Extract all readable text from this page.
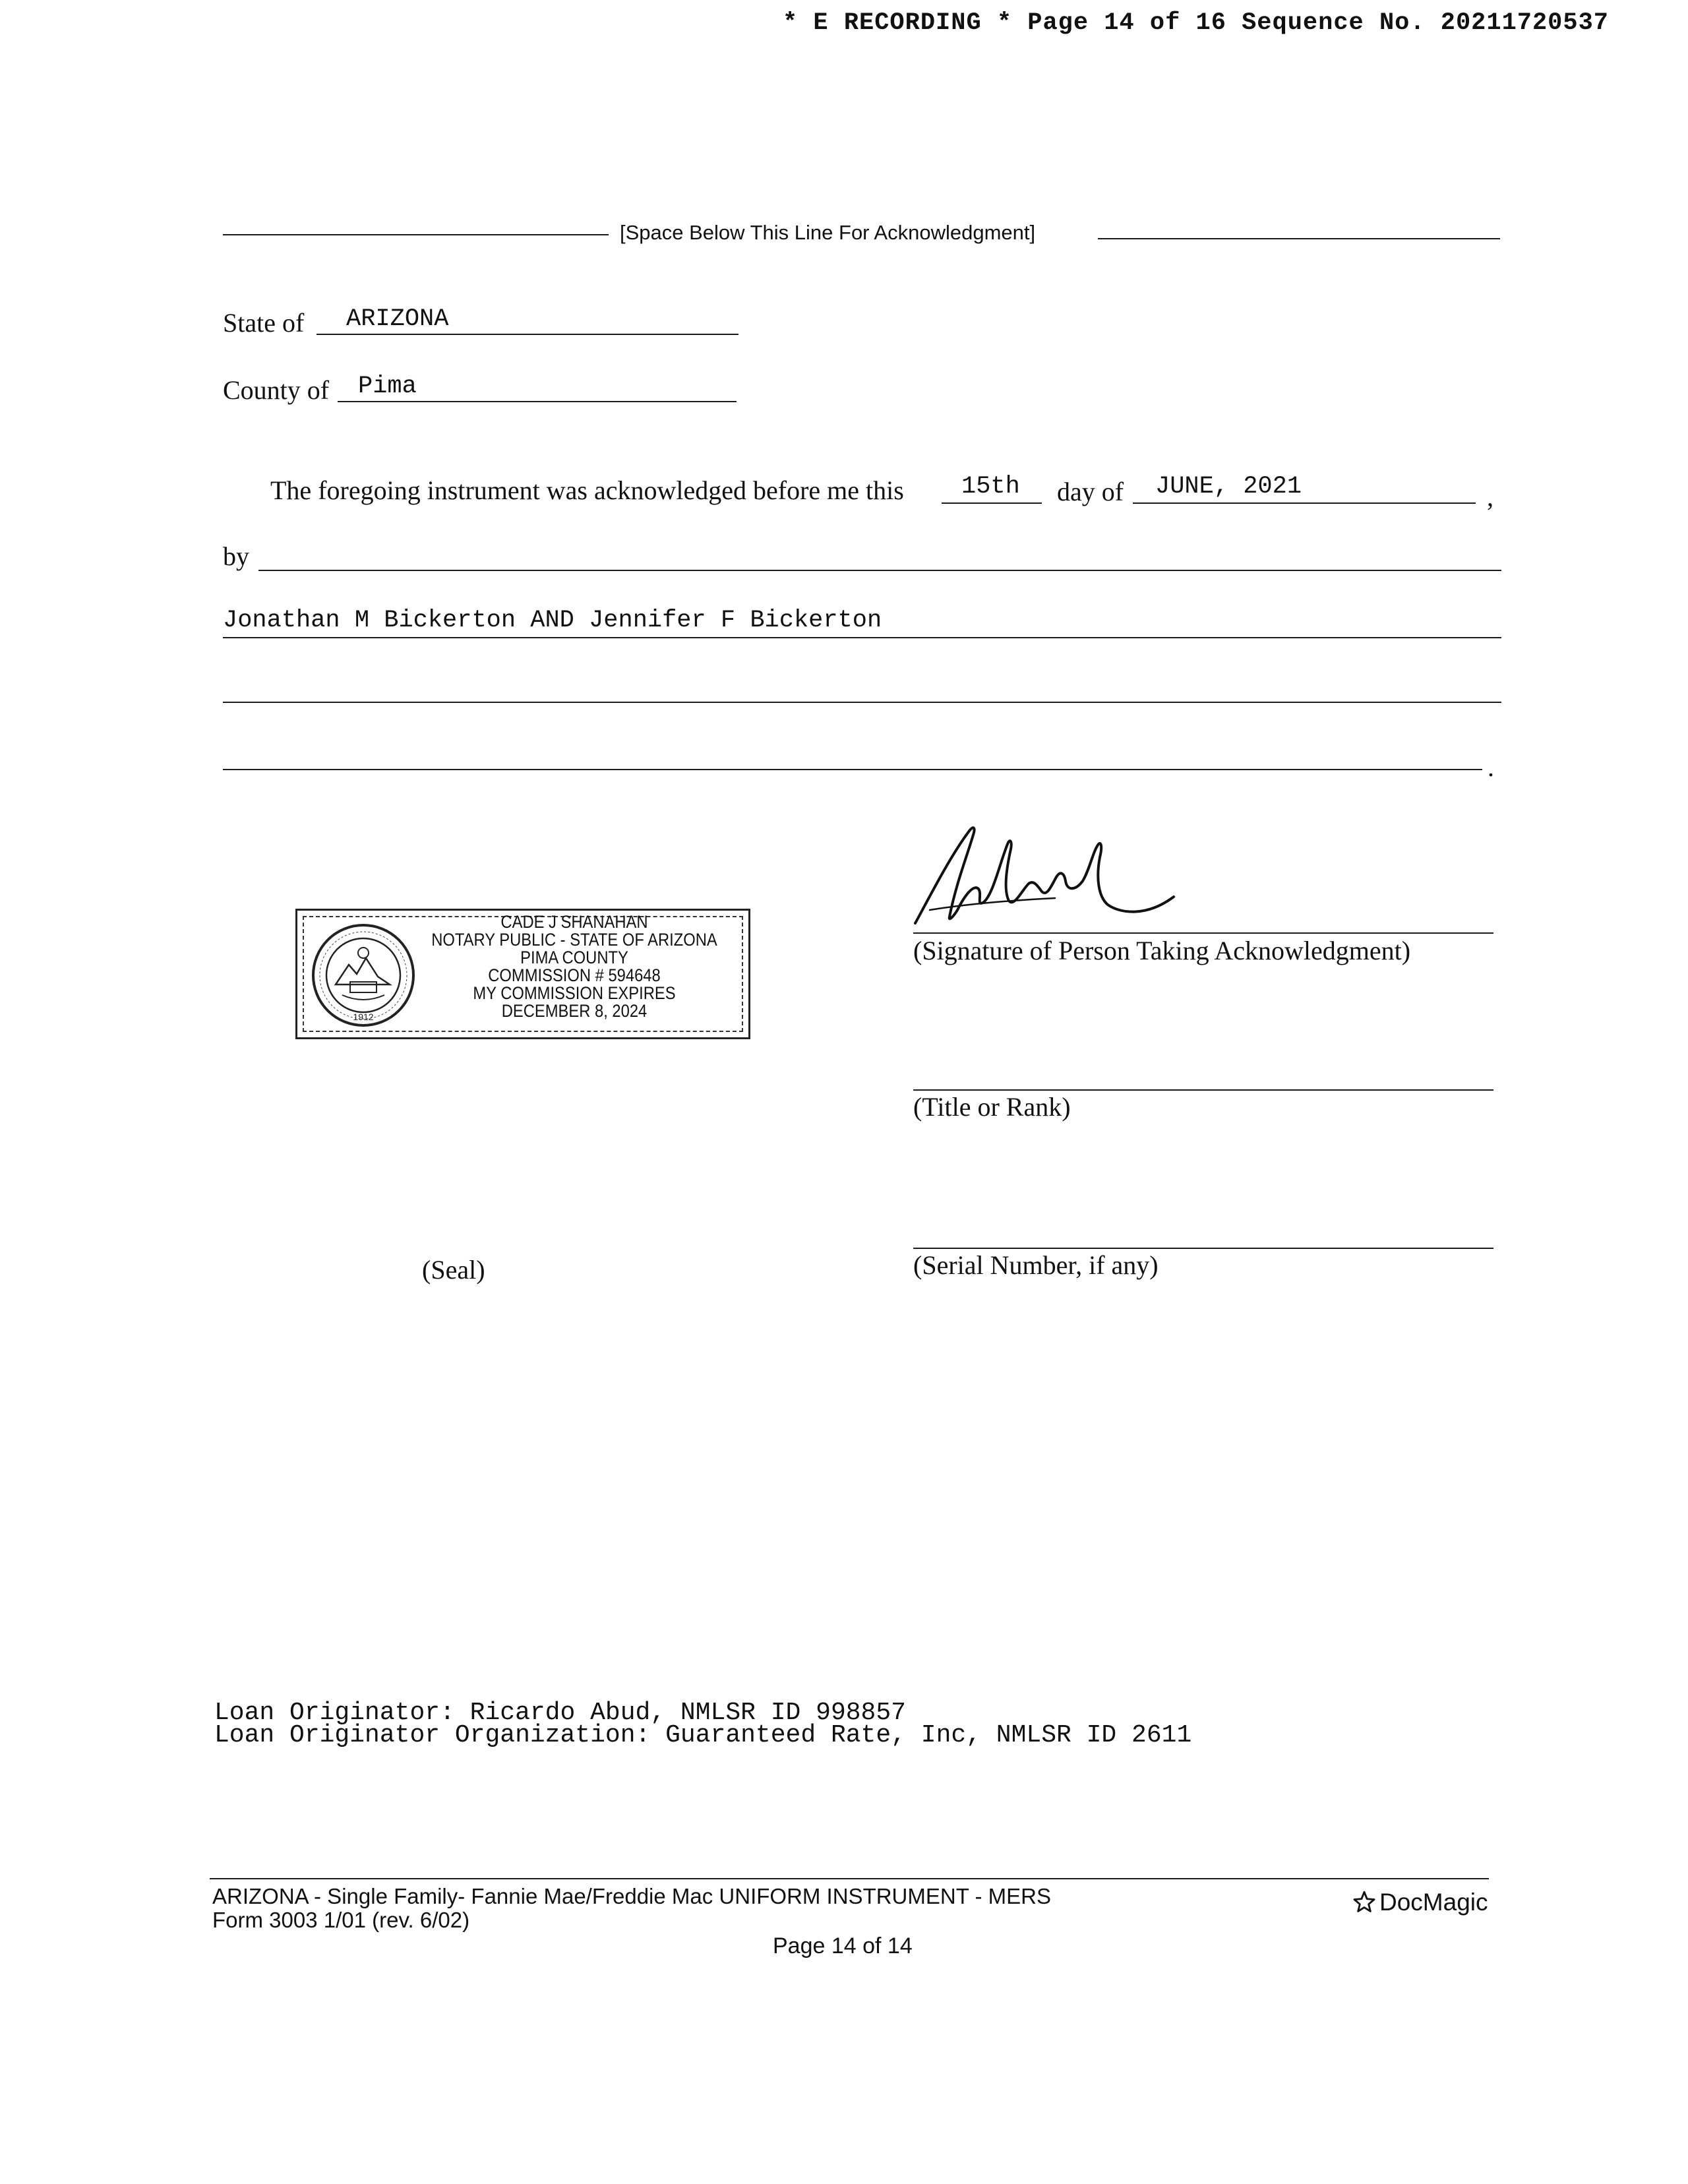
* E RECORDING * Page 14 of 16 Sequence No. 20211720537
[Space Below This Line For Acknowledgment]
State of ARIZONA
County of Pima
The foregoing instrument was acknowledged before me this 15th day of JUNE, 2021	,
by
Jonathan M Bickerton AND Jennifer F Bickerton
.
1912
CADE J SHANAHAN
NOTARY PUBLIC - STATE OF ARIZONA
PIMA COUNTY
COMMISSION # 594648
MY COMMISSION EXPIRES
DECEMBER 8, 2024
(Signature of Person Taking Acknowledgment)
(Title or Rank)
(Serial Number, if any)
(Seal)
Loan Originator: Ricardo Abud, NMLSR ID 998857
Loan Originator Organization: Guaranteed Rate, Inc, NMLSR ID 2611
ARIZONA - Single Family- Fannie Mae/Freddie Mac UNIFORM INSTRUMENT - MERS
Form 3003 1/01 (rev. 6/02)
Page 14 of 14
DocMagic
